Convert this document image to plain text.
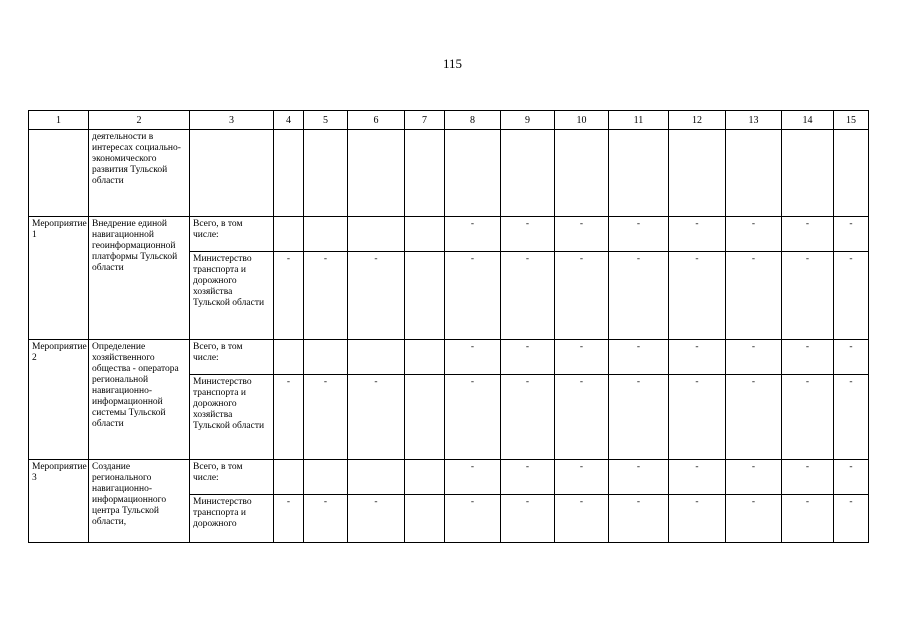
115
1	2	3	4	5	6	7	8	9	10	11	12	13	14	15
	деятельности в интересах социально-экономического развития Тульской области													
Мероприятие 1	Внедрение единой навигационной геоинформационной платформы Тульской области	Всего, в том числе:					-	-	-	-	-	-	-	-
		Министерство транспорта и дорожного хозяйства Тульской области	-	-	-		-	-	-	-	-	-	-	-
Мероприятие 2	Определение хозяйственного общества - оператора региональной навигационно-информационной системы Тульской области	Всего, в том числе:					-	-	-	-	-	-	-	-
		Министерство транспорта и дорожного хозяйства Тульской области	-	-	-		-	-	-	-	-	-	-	-
Мероприятие 3	Создание регионального навигационно-информационного центра Тульской области,	Всего, в том числе:					-	-	-	-	-	-	-	-
		Министерство транспорта и дорожного	-	-	-		-	-	-	-	-	-	-	-
